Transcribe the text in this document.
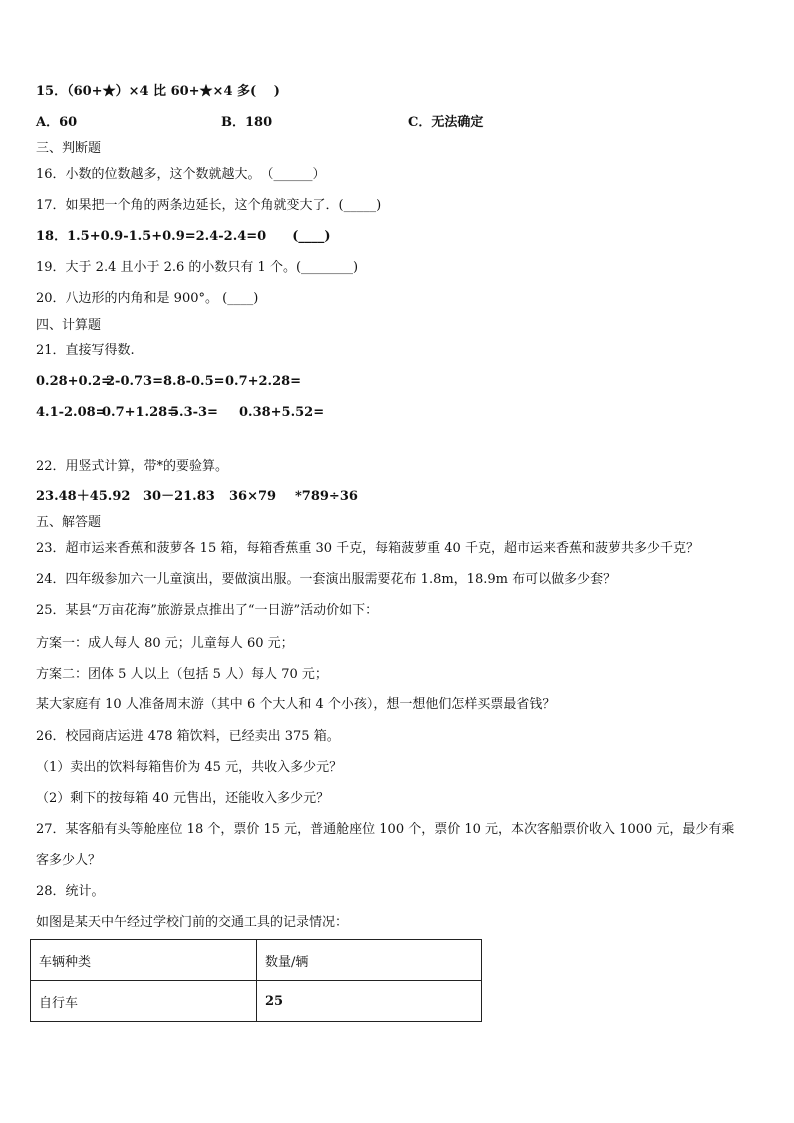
15．（60+★）×4 比 60+★×4 多(　 )
A．60	B．180	C．无法确定
三、判断题
16．小数的位数越多，这个数就越大。　（______）
17．如果把一个角的两条边延长，这个角就变大了．(_____)
18．1.5+0.9-1.5+0.9=2.4-2.4=0　　(____)
19．大于 2.4 且小于 2.6 的小数只有 1 个。(________)
20．八边形的内角和是 900°。 (____)
四、计算题
21．直接写得数.
0.28+0.2=
2-0.73= 8.8-0.5= 0.7+2.28=
4.1-2.08=
0.7+1.28=
5.3-3= 0.38+5.52=
22．用竖式计算，带*的要验算。
23.48＋45.92 30－21.83 36×79 *789÷36
五、解答题
23．超市运来香蕉和菠萝各 15 箱，每箱香蕉重 30 千克，每箱菠萝重 40 千克，超市运来香蕉和菠萝共多少千克？
24．四年级参加六一儿童演出，要做演出服。一套演出服需要花布 1.8m，18.9m 布可以做多少套？
25．某县“万亩花海”旅游景点推出了“一日游”活动价如下：
方案一：成人每人 80 元；儿童每人 60 元；
方案二：团体 5 人以上（包括 5 人）每人 70 元；
某大家庭有 10 人准备周末游（其中 6 个大人和 4 个小孩），想一想他们怎样买票最省钱？
26．校园商店运进 478 箱饮料，已经卖出 375 箱。
（1）卖出的饮料每箱售价为 45 元，共收入多少元？
（2）剩下的按每箱 40 元售出，还能收入多少元？
27．某客船有头等舱座位 18 个，票价 15 元，普通舱座位 100 个，票价 10 元，本次客船票价收入 1000 元，最少有乘
客多少人？
28．统计。
如图是某天中午经过学校门前的交通工具的记录情况：
车辆种类	数量/辆
自行车	25
